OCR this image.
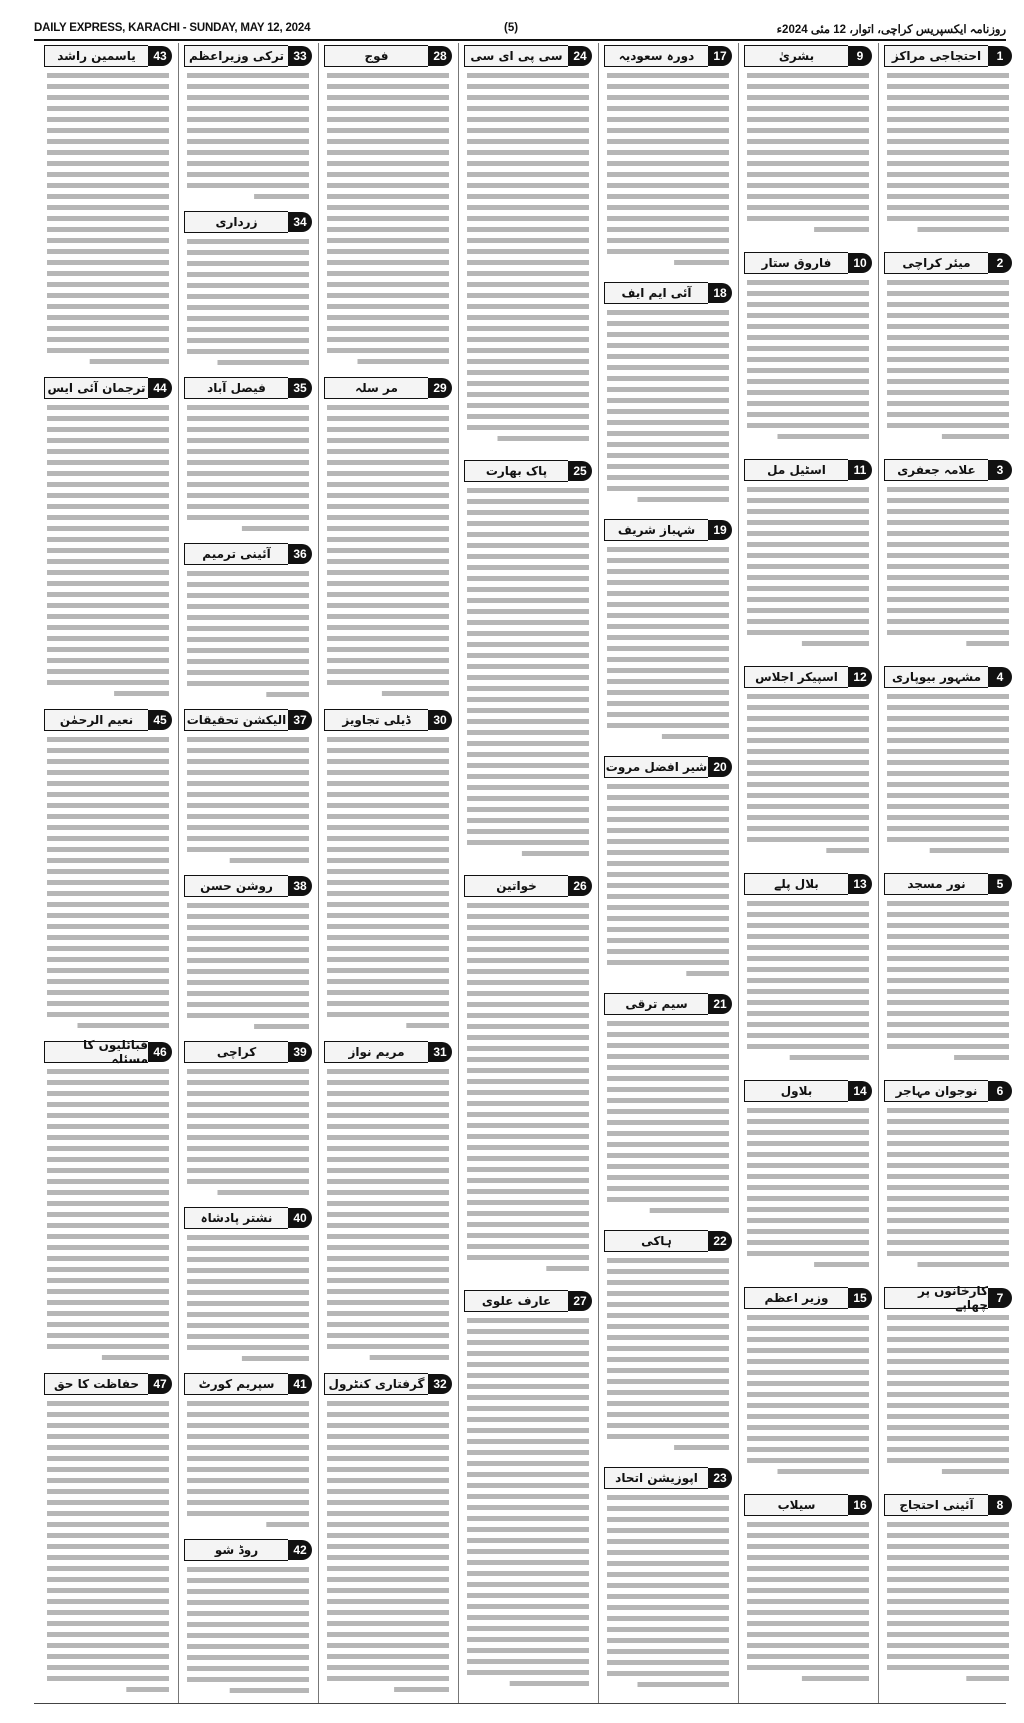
DAILY EXPRESS, KARACHI - SUNDAY, MAY 12, 2024	(5)	روزنامہ ایکسپریس کراچی، اتوار، 12 مئی 2024ء
1
احتجاجی مراکز
2
میئر کراچی
3
علامہ جعفری
4
مشہور بیوپاری
5
نور مسجد
6
نوجوان مہاجر
7
کارخانوں پر چھاپے
8
آئینی احتجاج
9
بشریٰ
10
فاروق ستار
11
اسٹیل مل
12
اسپیکر اجلاس
13
بلال پلے
14
بلاول
15
وزیر اعظم
16
سیلاب
17
دورہ سعودیہ
18
آئی ایم ایف
19
شہباز شریف
20
شیر افضل مروت
21
سیم ترقی
22
ہاکی
23
اپوزیشن اتحاد
24
سی پی ای سی
25
پاک بھارت
26
خواتین
27
عارف علوی
28
فوج
29
مر سلہ
30
ڈیلی تجاویز
31
مریم نواز
32
گرفتاری کنٹرول
33
ترکی وزیراعظم
34
زرداری
35
فیصل آباد
36
آئینی ترمیم
37
الیکشن تحقیقات
38
روشن حسن
39
کراچی
40
نشتر پادشاہ
41
سپریم کورٹ
42
روڈ شو
43
یاسمین راشد
44
ترجمان آئی ایس
45
نعیم الرحمٰن
46
قبائلیوں کا مسئلہ
47
حفاظت کا حق
